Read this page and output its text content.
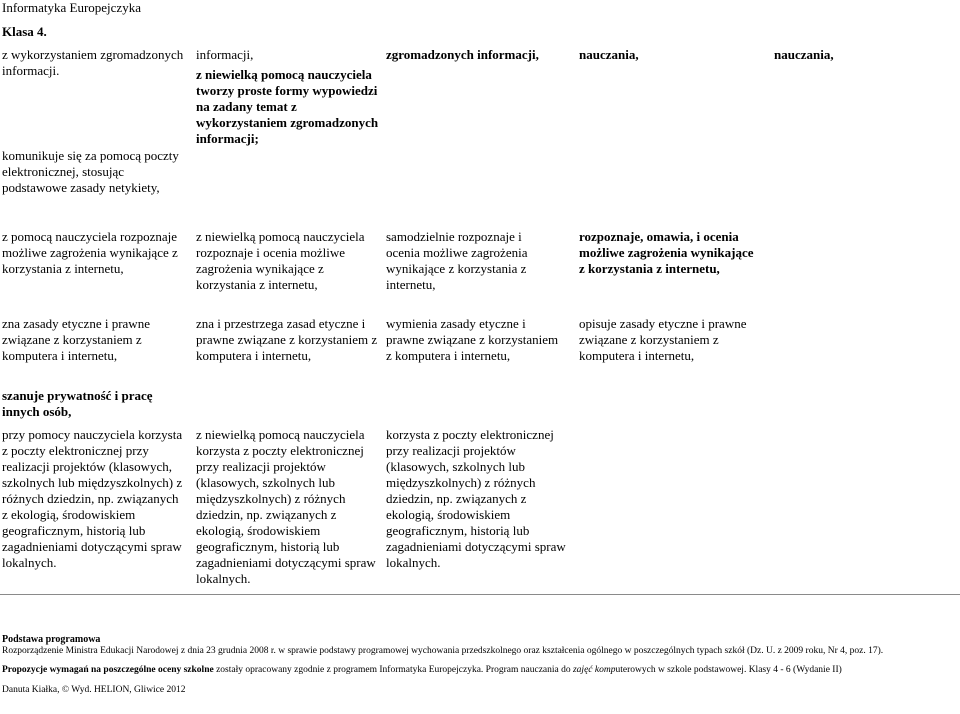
Informatyka Europejczyka
Klasa 4.
z wykorzystaniem zgromadzonych informacji.
informacji,
z niewielką pomocą nauczyciela tworzy proste formy wypowiedzi na zadany temat z wykorzystaniem zgromadzonych informacji;
zgromadzonych informacji,	nauczania,	nauczania,
komunikuje się za pomocą poczty elektronicznej, stosując podstawowe zasady netykiety,
z pomocą nauczyciela rozpoznaje możliwe zagrożenia wynikające z korzystania z internetu,
z niewielką pomocą nauczyciela rozpoznaje i ocenia możliwe zagrożenia wynikające z korzystania z internetu,
samodzielnie rozpoznaje i ocenia możliwe zagrożenia wynikające z korzystania z internetu,
rozpoznaje, omawia, i ocenia możliwe zagrożenia wynikające z korzystania z internetu,
zna zasady etyczne i prawne związane z korzystaniem z komputera i internetu,
zna i przestrzega zasad etyczne i prawne związane z korzystaniem z komputera i internetu,
wymienia zasady etyczne i prawne związane z korzystaniem z komputera i internetu,
opisuje zasady etyczne i prawne związane z korzystaniem z komputera i internetu,
szanuje prywatność i pracę innych osób,
przy pomocy nauczyciela korzysta z poczty elektronicznej przy realizacji projektów (klasowych, szkolnych lub międzyszkolnych) z różnych dziedzin, np. związanych z ekologią, środowiskiem geograficznym, historią lub zagadnieniami dotyczącymi spraw lokalnych.
z niewielką pomocą nauczyciela korzysta z poczty elektronicznej przy realizacji projektów (klasowych, szkolnych lub międzyszkolnych) z różnych dziedzin, np. związanych z ekologią, środowiskiem geograficznym, historią lub zagadnieniami dotyczącymi spraw lokalnych.
korzysta z poczty elektronicznej przy realizacji projektów (klasowych, szkolnych lub międzyszkolnych) z różnych dziedzin, np. związanych z ekologią, środowiskiem geograficznym, historią lub zagadnieniami dotyczącymi spraw lokalnych.
Podstawa programowa
Rozporządzenie Ministra Edukacji Narodowej z dnia 23 grudnia 2008 r. w sprawie podstawy programowej wychowania przedszkolnego oraz kształcenia ogólnego w poszczególnych typach szkół (Dz. U. z 2009 roku, Nr 4, poz. 17).
Propozycje wymagań na poszczególne oceny szkolne zostały opracowany zgodnie z programem Informatyka Europejczyka. Program nauczania do zajęć komputerowych w szkole podstawowej. Klasy 4 - 6 (Wydanie II)
Danuta Kiałka, © Wyd. HELION, Gliwice 2012
